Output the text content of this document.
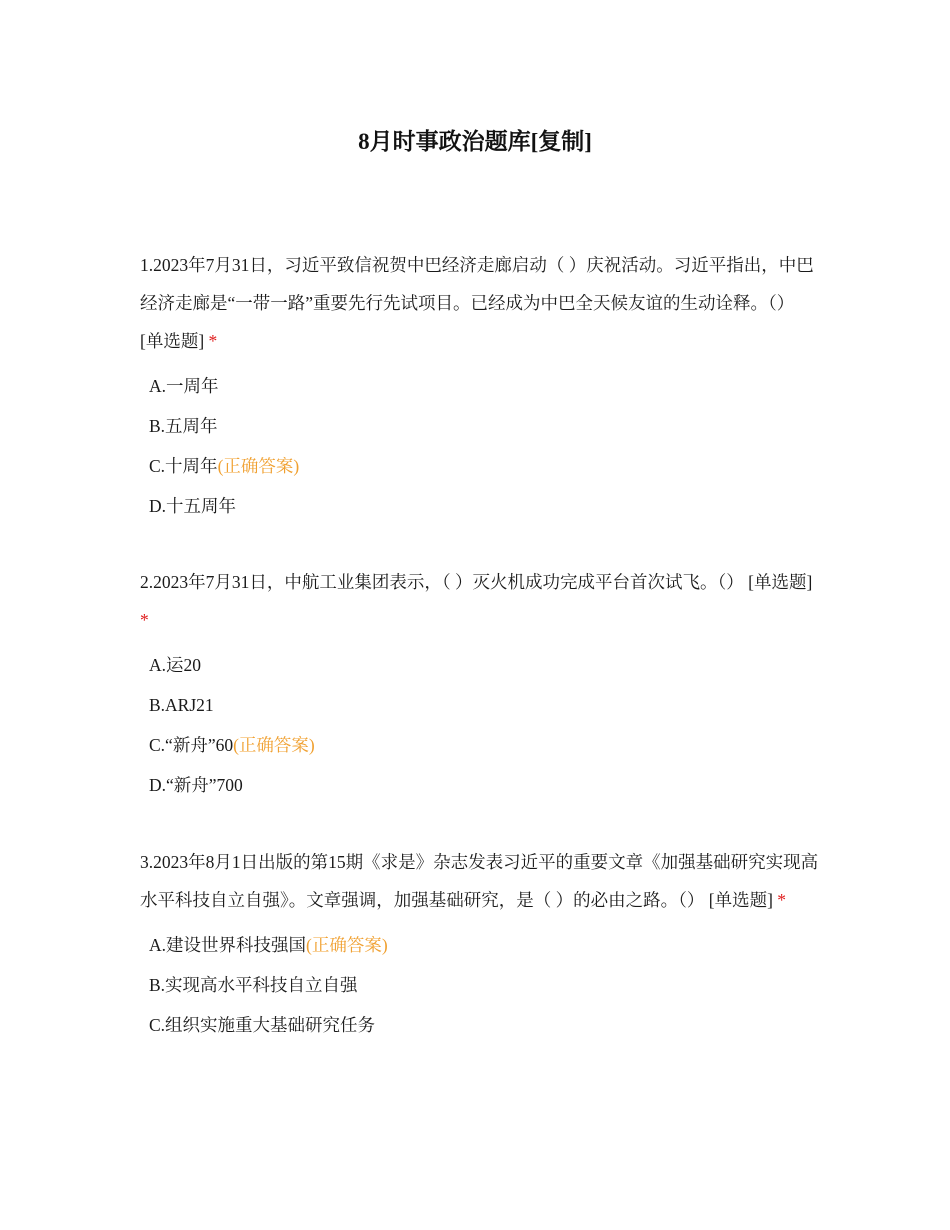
8月时事政治题库[复制]

1.2023年7月31日，习近平致信祝贺中巴经济走廊启动（ ）庆祝活动。习近平指出，中巴经济走廊是“一带一路”重要先行先试项目。已经成为中巴全天候友谊的生动诠释。（） [单选题] *

A.一周年
B.五周年
C.十周年(正确答案)
D.十五周年

2.2023年7月31日，中航工业集团表示，（ ）灭火机成功完成平台首次试飞。（） [单选题] *

A.运20
B.ARJ21
C.“新舟”60(正确答案)
D.“新舟”700

3.2023年8月1日出版的第15期《求是》杂志发表习近平的重要文章《加强基础研究实现高水平科技自立自强》。文章强调，加强基础研究，是（ ）的必由之路。（） [单选题] *

A.建设世界科技强国(正确答案)
B.实现高水平科技自立自强
C.组织实施重大基础研究任务
